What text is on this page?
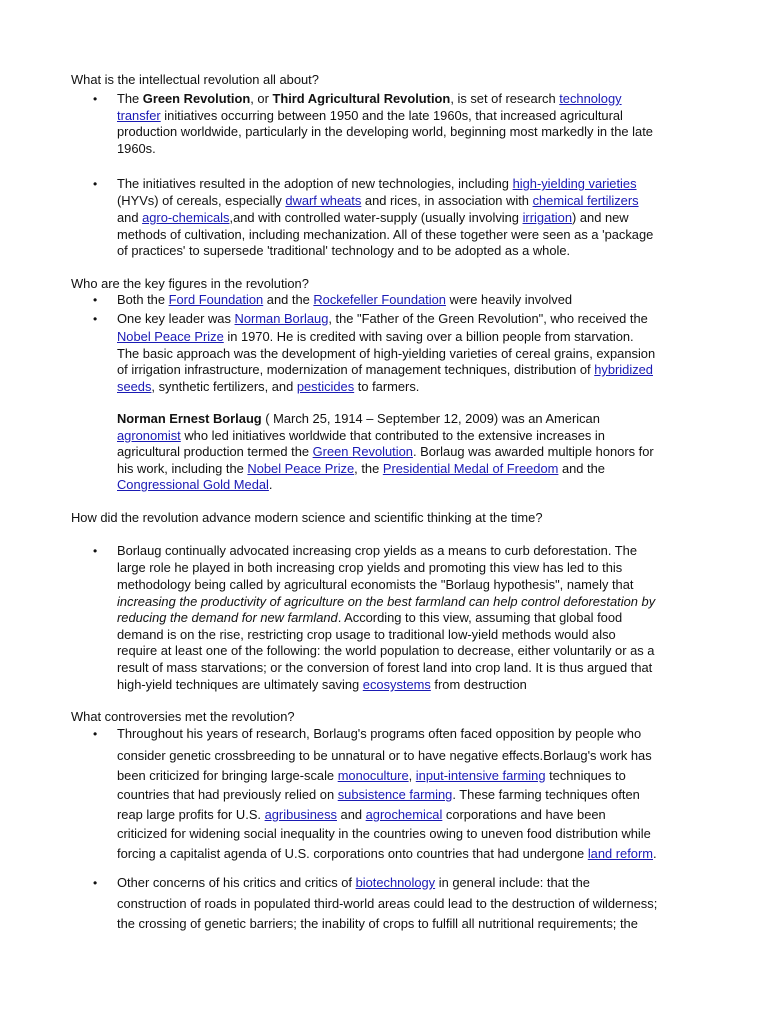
What is the intellectual revolution all about?
• The Green Revolution, or Third Agricultural Revolution, is set of research technology
transfer initiatives occurring between 1950 and the late 1960s, that increased agricultural
production worldwide, particularly in the developing world, beginning most markedly in the late
1960s.
• The initiatives resulted in the adoption of new technologies, including high-yielding varieties
(HYVs) of cereals, especially dwarf wheats and rices, in association with chemical fertilizers
and agro-chemicals,and with controlled water-supply (usually involving irrigation) and new
methods of cultivation, including mechanization. All of these together were seen as a 'package
of practices' to supersede 'traditional' technology and to be adopted as a whole.
Who are the key figures in the revolution?
• Both the Ford Foundation and the Rockefeller Foundation were heavily involved
• One key leader was Norman Borlaug, the "Father of the Green Revolution", who received the
Nobel Peace Prize in 1970. He is credited with saving over a billion people from starvation.
The basic approach was the development of high-yielding varieties of cereal grains, expansion
of irrigation infrastructure, modernization of management techniques, distribution of hybridized
seeds, synthetic fertilizers, and pesticides to farmers.
Norman Ernest Borlaug ( March 25, 1914 – September 12, 2009) was an American
agronomist who led initiatives worldwide that contributed to the extensive increases in
agricultural production termed the Green Revolution. Borlaug was awarded multiple honors for
his work, including the Nobel Peace Prize, the Presidential Medal of Freedom and the
Congressional Gold Medal.
How did the revolution advance modern science and scientific thinking at the time?
• Borlaug continually advocated increasing crop yields as a means to curb deforestation. The
large role he played in both increasing crop yields and promoting this view has led to this
methodology being called by agricultural economists the "Borlaug hypothesis", namely that
increasing the productivity of agriculture on the best farmland can help control deforestation by
reducing the demand for new farmland. According to this view, assuming that global food
demand is on the rise, restricting crop usage to traditional low-yield methods would also
require at least one of the following: the world population to decrease, either voluntarily or as a
result of mass starvations; or the conversion of forest land into crop land. It is thus argued that
high-yield techniques are ultimately saving ecosystems from destruction
What controversies met the revolution?
• Throughout his years of research, Borlaug's programs often faced opposition by people who
consider genetic crossbreeding to be unnatural or to have negative effects.Borlaug's work has
been criticized for bringing large-scale monoculture, input-intensive farming techniques to
countries that had previously relied on subsistence farming. These farming techniques often
reap large profits for U.S. agribusiness and agrochemical corporations and have been
criticized for widening social inequality in the countries owing to uneven food distribution while
forcing a capitalist agenda of U.S. corporations onto countries that had undergone land reform.
• Other concerns of his critics and critics of biotechnology in general include: that the
construction of roads in populated third-world areas could lead to the destruction of wilderness;
the crossing of genetic barriers; the inability of crops to fulfill all nutritional requirements; the
